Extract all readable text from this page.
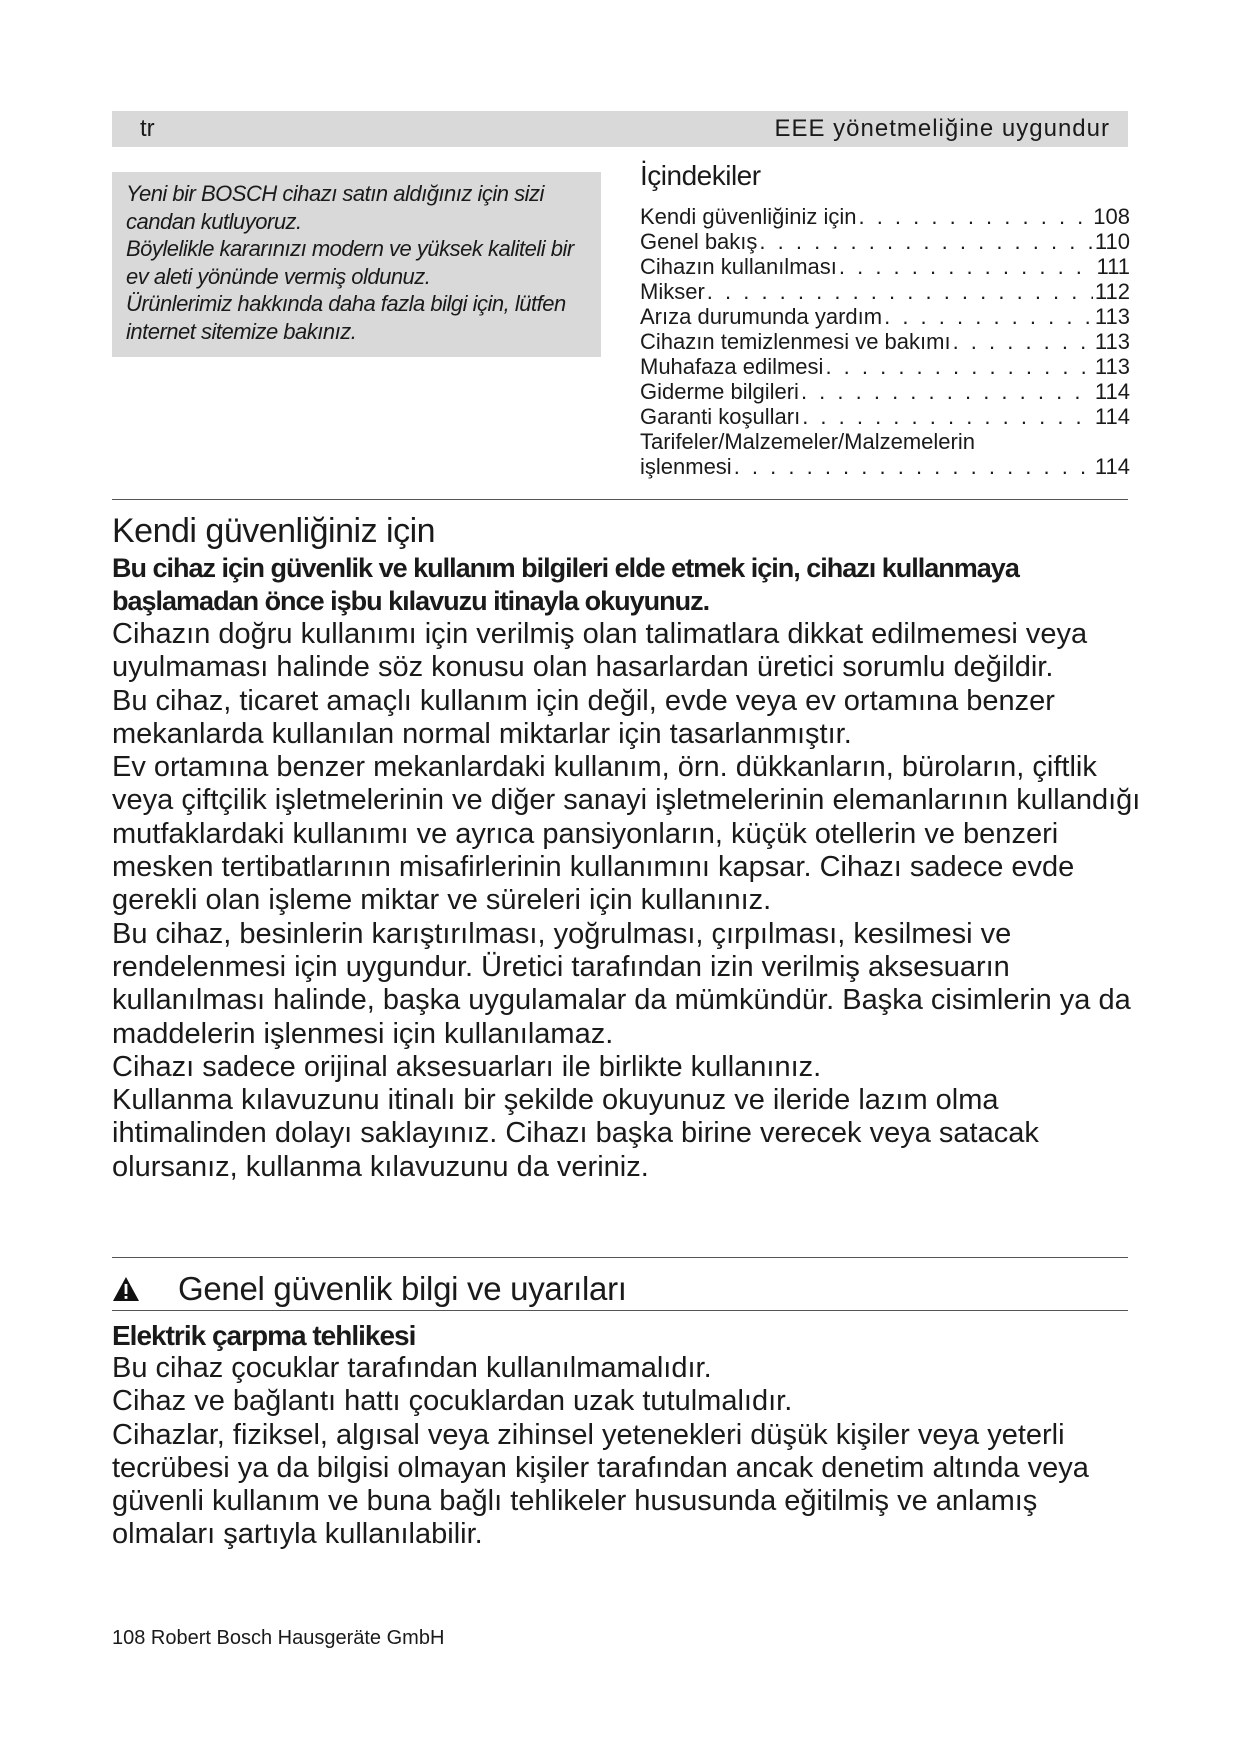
tr	EEE yönetmeliğine uygundur

Yeni bir BOSCH cihazı satın aldığınız için sizi candan kutluyoruz.

Böylelikle kararınızı modern ve yüksek kaliteli bir ev aleti yönünde vermiş oldunuz.

Ürünlerimiz hakkında daha fazla bilgi için, lütfen internet sitemize bakınız.

İçindekiler
Kendi güvenliğiniz için . . .	108
Genel bakış . . .	110
Cihazın kullanılması . . .	111
Mikser . . .	112
Arıza durumunda yardım . . .	113
Cihazın temizlenmesi ve bakımı . . .	113
Muhafaza edilmesi . . .	113
Giderme bilgileri . . .	114
Garanti koşulları . . .	114
Tarifeler/Malzemeler/Malzemelerin
işlenmesi . . .	114
Kendi güvenliğiniz için
Bu cihaz için güvenlik ve kullanım bilgileri elde etmek için, cihazı kullanmaya başlamadan önce işbu kılavuzu itinayla okuyunuz.

Cihazın doğru kullanımı için verilmiş olan talimatlara dikkat edilmemesi veya uyulmaması halinde söz konusu olan hasarlardan üretici sorumlu değildir.

Bu cihaz, ticaret amaçlı kullanım için değil, evde veya ev ortamına benzer mekanlarda kullanılan normal miktarlar için tasarlanmıştır.

Ev ortamına benzer mekanlardaki kullanım, örn. dükkanların, büroların, çiftlik veya çiftçilik işletmelerinin ve diğer sanayi işletmelerinin elemanlarının kullandığı mutfaklardaki kullanımı ve ayrıca pansiyonların, küçük otellerin ve benzeri mesken tertibatlarının misafirlerinin kullanımını kapsar. Cihazı sadece evde gerekli olan işleme miktar ve süreleri için kullanınız.

Bu cihaz, besinlerin karıştırılması, yoğrulması, çırpılması, kesilmesi ve rendelenmesi için uygundur. Üretici tarafından izin verilmiş aksesuarın kullanılması halinde, başka uygulamalar da mümkündür. Başka cisimlerin ya da maddelerin işlenmesi için kullanılamaz.

Cihazı sadece orijinal aksesuarları ile birlikte kullanınız.

Kullanma kılavuzunu itinalı bir şekilde okuyunuz ve ileride lazım olma ihtimalinden dolayı saklayınız. Cihazı başka birine verecek veya satacak olursanız, kullanma kılavuzunu da veriniz.

Genel güvenlik bilgi ve uyarıları
Elektrik çarpma tehlikesi

Bu cihaz çocuklar tarafından kullanılmamalıdır.

Cihaz ve bağlantı hattı çocuklardan uzak tutulmalıdır.

Cihazlar, fiziksel, algısal veya zihinsel yetenekleri düşük kişiler veya yeterli tecrübesi ya da bilgisi olmayan kişiler tarafından ancak denetim altında veya güvenli kullanım ve buna bağlı tehlikeler hususunda eğitilmiş ve anlamış olmaları şartıyla kullanılabilir.

108 Robert Bosch Hausgeräte GmbH
